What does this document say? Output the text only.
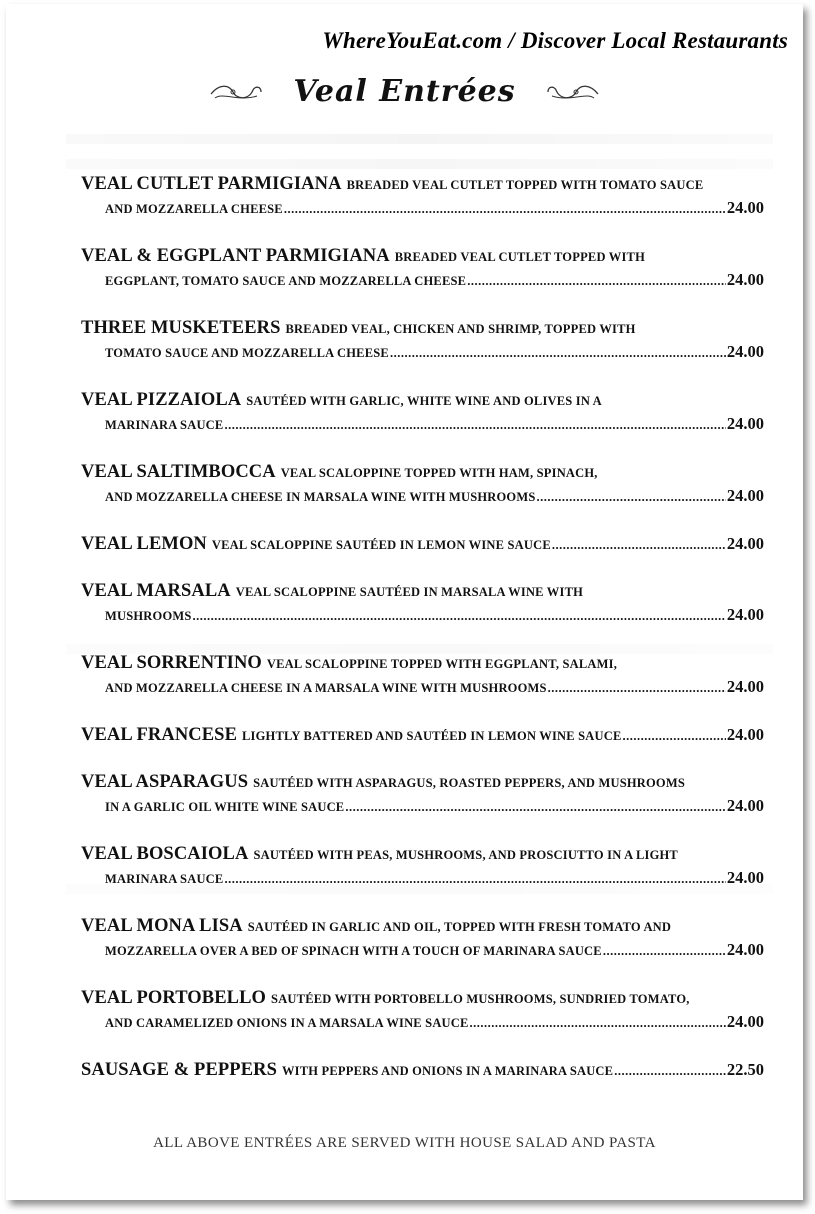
WhereYouEat.com / Discover Local Restaurants
Veal Entrées
VEAL CUTLET PARMIGIANA BREADED VEAL CUTLET TOPPED WITH TOMATO SAUCE
AND MOZZARELLA CHEESE .....	24.00
VEAL & EGGPLANT PARMIGIANA BREADED VEAL CUTLET TOPPED WITH
EGGPLANT, TOMATO SAUCE AND MOZZARELLA CHEESE .....	24.00
THREE MUSKETEERS BREADED VEAL, CHICKEN AND SHRIMP, TOPPED WITH
TOMATO SAUCE AND MOZZARELLA CHEESE .....	24.00
VEAL PIZZAIOLA SAUTÉED WITH GARLIC, WHITE WINE AND OLIVES IN A
MARINARA SAUCE .....	24.00
VEAL SALTIMBOCCA VEAL SCALOPPINE TOPPED WITH HAM, SPINACH,
AND MOZZARELLA CHEESE IN MARSALA WINE WITH MUSHROOMS .....	24.00
VEAL LEMON VEAL SCALOPPINE SAUTÉED IN LEMON WINE SAUCE .....	24.00
VEAL MARSALA VEAL SCALOPPINE SAUTÉED IN MARSALA WINE WITH
MUSHROOMS .....	24.00
VEAL SORRENTINO VEAL SCALOPPINE TOPPED WITH EGGPLANT, SALAMI,
AND MOZZARELLA CHEESE IN A MARSALA WINE WITH MUSHROOMS .....	24.00
VEAL FRANCESE LIGHTLY BATTERED AND SAUTÉED IN LEMON WINE SAUCE .....	24.00
VEAL ASPARAGUS SAUTÉED WITH ASPARAGUS, ROASTED PEPPERS, AND MUSHROOMS
IN A GARLIC OIL WHITE WINE SAUCE .....	24.00
VEAL BOSCAIOLA SAUTÉED WITH PEAS, MUSHROOMS, AND PROSCIUTTO IN A LIGHT
MARINARA SAUCE .....	24.00
VEAL MONA LISA SAUTÉED IN GARLIC AND OIL, TOPPED WITH FRESH TOMATO AND
MOZZARELLA OVER A BED OF SPINACH WITH A TOUCH OF MARINARA SAUCE .....	24.00
VEAL PORTOBELLO SAUTÉED WITH PORTOBELLO MUSHROOMS, SUNDRIED TOMATO,
AND CARAMELIZED ONIONS IN A MARSALA WINE SAUCE .....	24.00
SAUSAGE & PEPPERS WITH PEPPERS AND ONIONS IN A MARINARA SAUCE .....	22.50
ALL ABOVE ENTRÉES ARE SERVED WITH HOUSE SALAD AND PASTA
